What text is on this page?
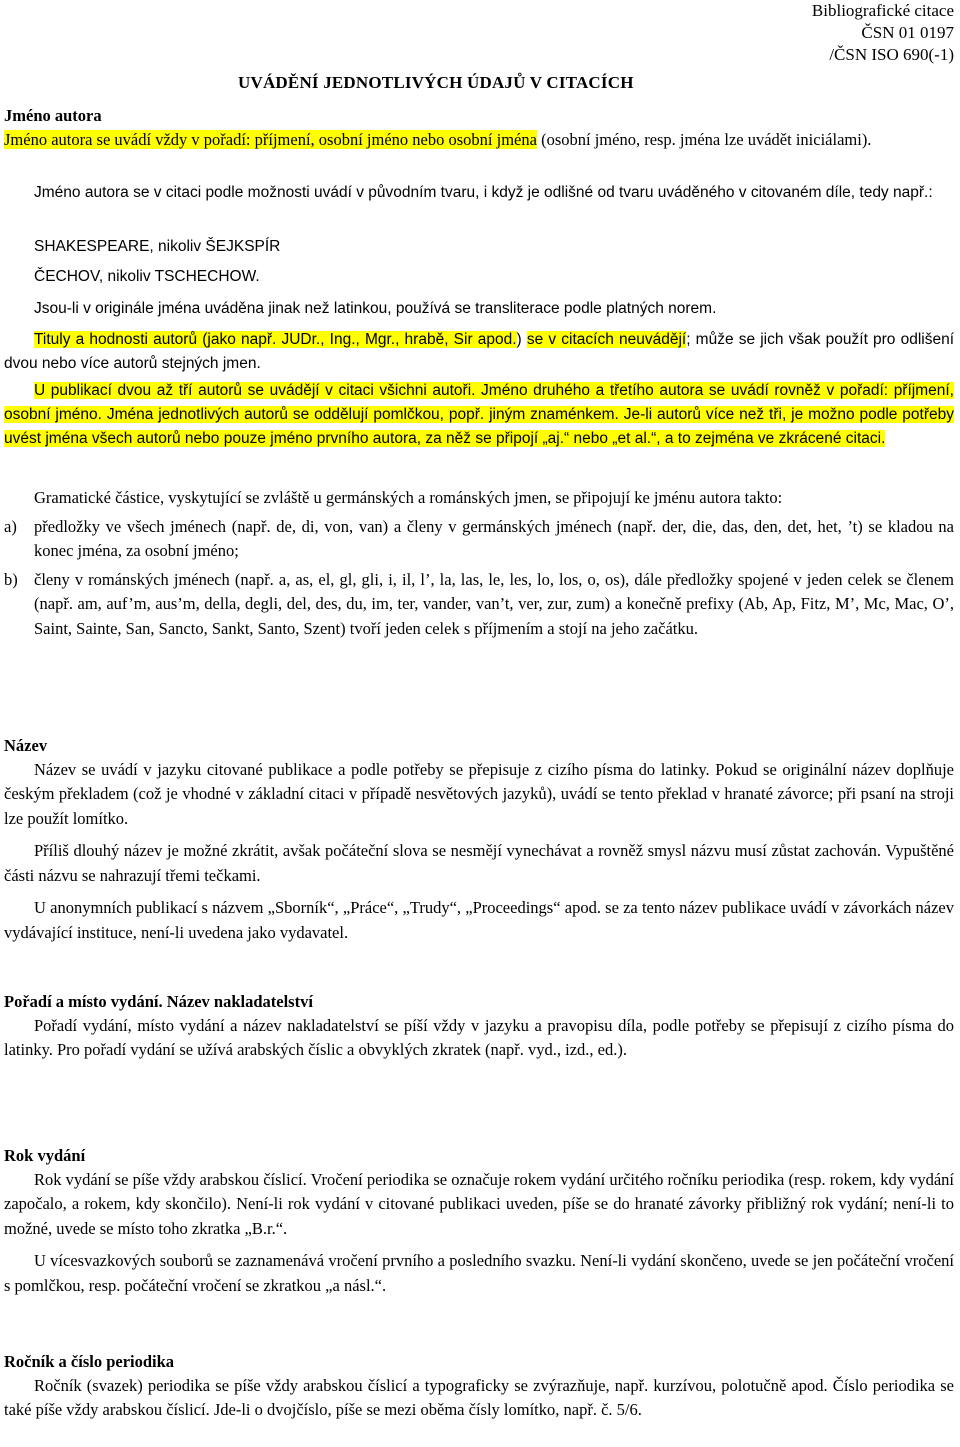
Bibliografické citace
ČSN 01 0197
/ČSN ISO 690(-1)
UVÁDĚNÍ JEDNOTLIVÝCH ÚDAJŮ V CITACÍCH
Jméno autora

Jméno autora se uvádí vždy v pořadí: příjmení, osobní jméno nebo osobní jména (osobní jméno, resp. jména lze uvádět iniciálami).

Jméno autora se v citaci podle možnosti uvádí v původním tvaru, i když je odlišné od tvaru uváděného v citovaném díle, tedy např.:

SHAKESPEARE, nikoliv ŠEJKSPÍR
ČECHOV, nikoliv TSCHECHOW.
Jsou-li v originále jména uváděna jinak než latinkou, používá se transliterace podle platných norem.

Tituly a hodnosti autorů (jako např. JUDr., Ing., Mgr., hrabě, Sir apod.) se v citacích neuvádějí; může se jich však použít pro odlišení dvou nebo více autorů stejných jmen.

U publikací dvou až tří autorů se uvádějí v citaci všichni autoři. Jméno druhého a třetího autora se uvádí rovněž v pořadí: příjmení, osobní jméno. Jména jednotlivých autorů se oddělují pomlčkou, popř. jiným znaménkem. Je-li autorů více než tři, je možno podle potřeby uvést jména všech autorů nebo pouze jméno prvního autora, za něž se připojí „aj.“ nebo „et al.“, a to zejména ve zkrácené citaci.

Gramatické částice, vyskytující se zvláště u germánských a románských jmen, se připojují ke jménu autora takto:

a)	předložky ve všech jménech (např. de, di, von, van) a členy v germánských jménech (např. der, die, das, den, det, het, ’t) se kladou na konec jména, za osobní jméno;
b) členy v románských jménech (např. a, as, el, gl, gli, i, il, l’, la, las, le, les, lo, los, o, os), dále předložky spojené v jeden celek se členem (např. am, auf’m, aus’m, della, degli, del, des, du, im, ter, vander, van’t, ver, zur, zum) a konečně prefixy (Ab, Ap, Fitz, M’, Mc, Mac, O’, Saint, Sainte, San, Sancto, Sankt, Santo, Szent) tvoří jeden celek s příjmením a stojí na jeho začátku.
Název

Název se uvádí v jazyku citované publikace a podle potřeby se přepisuje z cizího písma do latinky. Pokud se originální název doplňuje českým překladem (což je vhodné v základní citaci v případě nesvětových jazyků), uvádí se tento překlad v hranaté závorce; při psaní na stroji lze použít lomítko.

Příliš dlouhý název je možné zkrátit, avšak počáteční slova se nesmějí vynechávat a rovněž smysl názvu musí zůstat zachován. Vypuštěné části názvu se nahrazují třemi tečkami.

U anonymních publikací s názvem „Sborník“, „Práce“, „Trudy“, „Proceedings“ apod. se za tento název publikace uvádí v závorkách název vydávající instituce, není-li uvedena jako vydavatel.

Pořadí a místo vydání. Název nakladatelství

Pořadí vydání, místo vydání a název nakladatelství se píší vždy v jazyku a pravopisu díla, podle potřeby se přepisují z cizího písma do latinky. Pro pořadí vydání se užívá arabských číslic a obvyklých zkratek (např. vyd., izd., ed.).

Rok vydání

Rok vydání se píše vždy arabskou číslicí. Vročení periodika se označuje rokem vydání určitého ročníku periodika (resp. rokem, kdy vydání započalo, a rokem, kdy skončilo). Není-li rok vydání v citované publikaci uveden, píše se do hranaté závorky přibližný rok vydání; není-li to možné, uvede se místo toho zkratka „B.r.“.

U vícesvazkových souborů se zaznamenává vročení prvního a posledního svazku. Není-li vydání skončeno, uvede se jen počáteční vročení s pomlčkou, resp. počáteční vročení se zkratkou „a násl.“.

Ročník a číslo periodika

Ročník (svazek) periodika se píše vždy arabskou číslicí a typograficky se zvýrazňuje, např. kurzívou, polotučně apod. Číslo periodika se také píše vždy arabskou číslicí. Jde-li o dvojčíslo, píše se mezi oběma čísly lomítko, např. č. 5/6.
